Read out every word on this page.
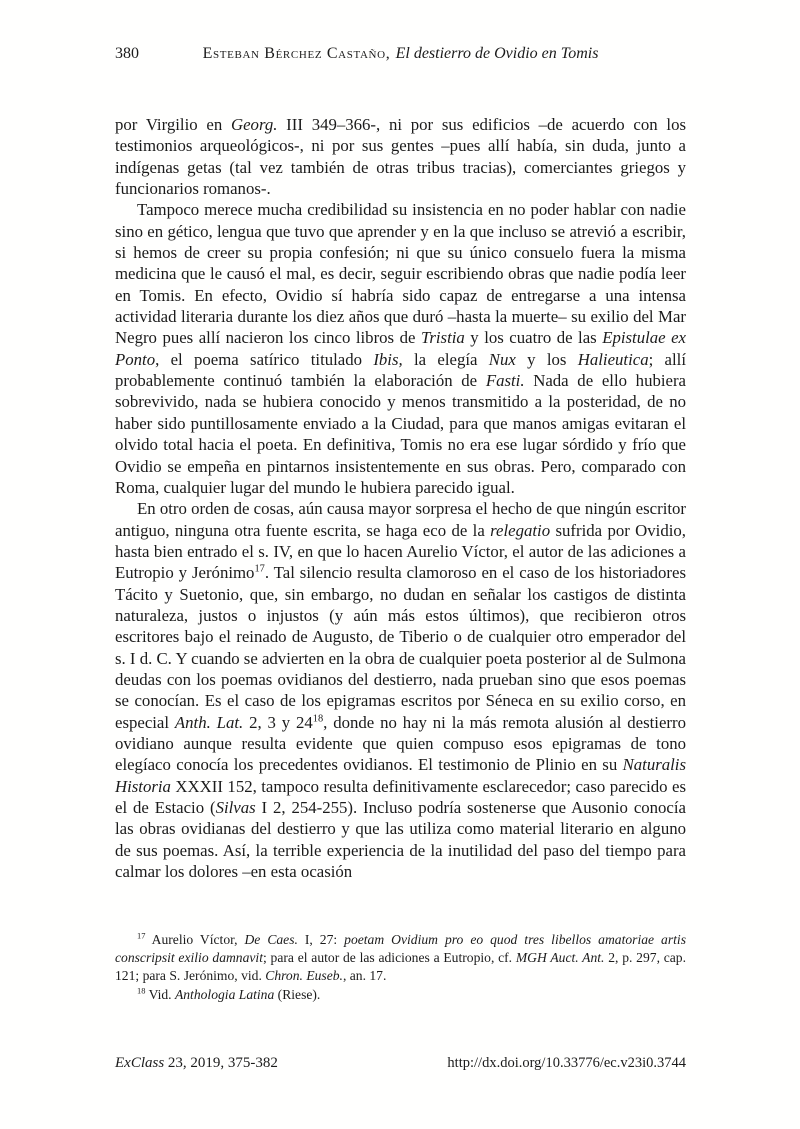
380	Esteban Bérchez Castaño, El destierro de Ovidio en Tomis

por Virgilio en Georg. III 349–366-, ni por sus edificios –de acuerdo con los testimonios arqueológicos-, ni por sus gentes –pues allí había, sin duda, junto a indígenas getas (tal vez también de otras tribus tracias), comerciantes griegos y funcionarios romanos-.

Tampoco merece mucha credibilidad su insistencia en no poder hablar con nadie sino en gético, lengua que tuvo que aprender y en la que incluso se atrevió a escribir, si hemos de creer su propia confesión; ni que su único consuelo fuera la misma medicina que le causó el mal, es decir, seguir escribiendo obras que nadie podía leer en Tomis. En efecto, Ovidio sí habría sido capaz de entregarse a una intensa actividad literaria durante los diez años que duró –hasta la muerte– su exilio del Mar Negro pues allí nacieron los cinco libros de Tristia y los cuatro de las Epistulae ex Ponto, el poema satírico titulado Ibis, la elegía Nux y los Halieutica; allí probablemente continuó también la elaboración de Fasti. Nada de ello hubiera sobrevivido, nada se hubiera conocido y menos transmitido a la posteridad, de no haber sido puntillosamente enviado a la Ciudad, para que manos amigas evitaran el olvido total hacia el poeta. En definitiva, Tomis no era ese lugar sórdido y frío que Ovidio se empeña en pintarnos insistentemente en sus obras. Pero, comparado con Roma, cualquier lugar del mundo le hubiera parecido igual.

En otro orden de cosas, aún causa mayor sorpresa el hecho de que ningún escritor antiguo, ninguna otra fuente escrita, se haga eco de la relegatio sufrida por Ovidio, hasta bien entrado el s. IV, en que lo hacen Aurelio Víctor, el autor de las adiciones a Eutropio y Jerónimo$^{17}$. Tal silencio resulta clamoroso en el caso de los historiadores Tácito y Suetonio, que, sin embargo, no dudan en señalar los castigos de distinta naturaleza, justos o injustos (y aún más estos últimos), que recibieron otros escritores bajo el reinado de Augusto, de Tiberio o de cualquier otro emperador del s. I d. C. Y cuando se advierten en la obra de cualquier poeta posterior al de Sulmona deudas con los poemas ovidianos del destierro, nada prueban sino que esos poemas se conocían. Es el caso de los epigramas escritos por Séneca en su exilio corso, en especial Anth. Lat. 2, 3 y $24^{18}$, donde no hay ni la más remota alusión al destierro ovidiano aunque resulta evidente que quien compuso esos epigramas de tono elegíaco conocía los precedentes ovidianos. El testimonio de Plinio en su Naturalis Historia XXXII 152, tampoco resulta definitivamente esclarecedor; caso parecido es el de Estacio (Silvas I 2, 254-255). Incluso podría sostenerse que Ausonio conocía las obras ovidianas del destierro y que las utiliza como material literario en alguno de sus poemas. Así, la terrible experiencia de la inutilidad del paso del tiempo para calmar los dolores –en esta ocasión

$^{17}$ Aurelio Víctor, De Caes. I, 27: poetam Ovidium pro eo quod tres libellos amatoriae artis conscripsit exilio damnavit; para el autor de las adiciones a Eutropio, cf. MGH Auct. Ant. 2, p. 297, cap. 121; para S. Jerónimo, vid. Chron. Euseb., an. 17.

$^{18}$ Vid. Anthologia Latina (Riese).

ExClass 23, 2019, 375-382	http://dx.doi.org/10.33776/ec.v23i0.3744
